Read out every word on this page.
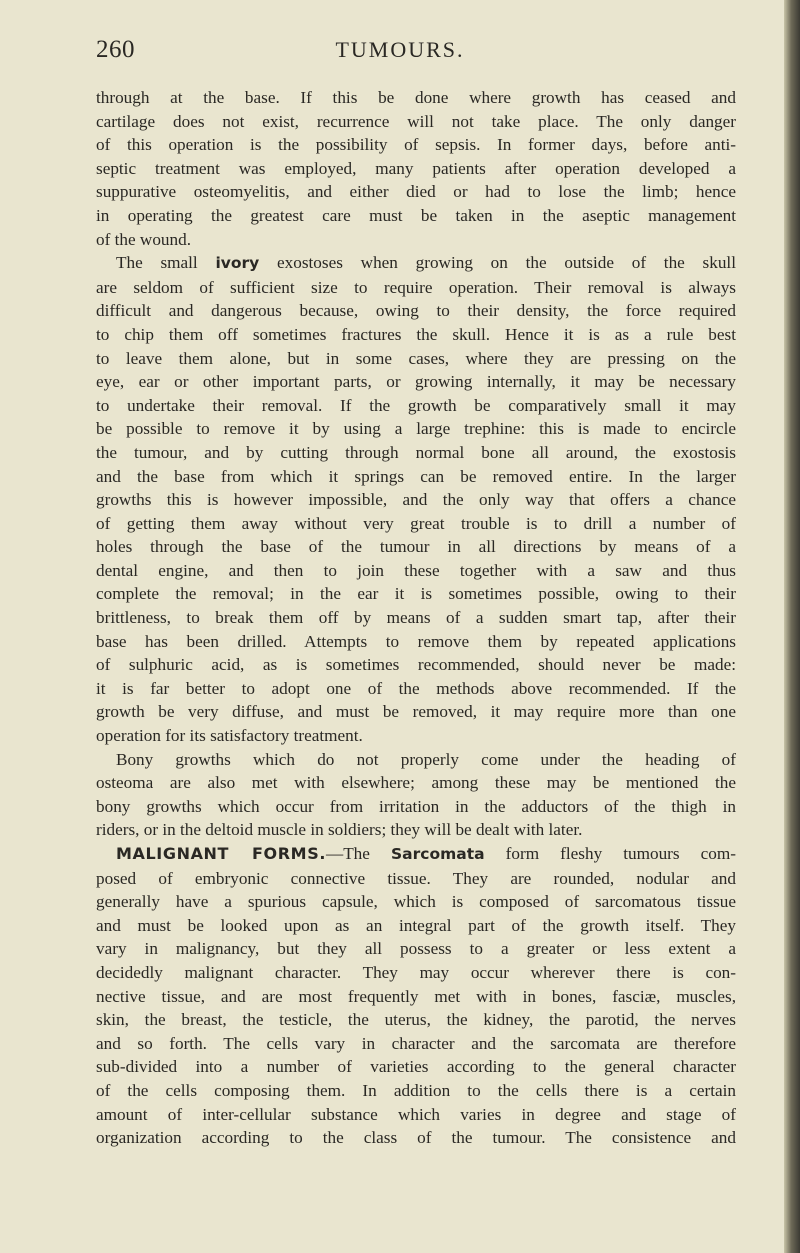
260	TUMOURS.
through at the base. If this be done where growth has ceased and
cartilage does not exist, recurrence will not take place. The only danger
of this operation is the possibility of sepsis. In former days, before anti-
septic treatment was employed, many patients after operation developed a
suppurative osteomyelitis, and either died or had to lose the limb; hence
in operating the greatest care must be taken in the aseptic management
of the wound.
The small ivory exostoses when growing on the outside of the skull
are seldom of sufficient size to require operation. Their removal is always
difficult and dangerous because, owing to their density, the force required
to chip them off sometimes fractures the skull. Hence it is as a rule best
to leave them alone, but in some cases, where they are pressing on the
eye, ear or other important parts, or growing internally, it may be necessary
to undertake their removal. If the growth be comparatively small it may
be possible to remove it by using a large trephine: this is made to encircle
the tumour, and by cutting through normal bone all around, the exostosis
and the base from which it springs can be removed entire. In the larger
growths this is however impossible, and the only way that offers a chance
of getting them away without very great trouble is to drill a number of
holes through the base of the tumour in all directions by means of a
dental engine, and then to join these together with a saw and thus
complete the removal; in the ear it is sometimes possible, owing to their
brittleness, to break them off by means of a sudden smart tap, after their
base has been drilled. Attempts to remove them by repeated applications
of sulphuric acid, as is sometimes recommended, should never be made:
it is far better to adopt one of the methods above recommended. If the
growth be very diffuse, and must be removed, it may require more than one
operation for its satisfactory treatment.
Bony growths which do not properly come under the heading of
osteoma are also met with elsewhere; among these may be mentioned the
bony growths which occur from irritation in the adductors of the thigh in
riders, or in the deltoid muscle in soldiers; they will be dealt with later.
MALIGNANT FORMS.—The Sarcomata form fleshy tumours com-
posed of embryonic connective tissue. They are rounded, nodular and
generally have a spurious capsule, which is composed of sarcomatous tissue
and must be looked upon as an integral part of the growth itself. They
vary in malignancy, but they all possess to a greater or less extent a
decidedly malignant character. They may occur wherever there is con-
nective tissue, and are most frequently met with in bones, fasciæ, muscles,
skin, the breast, the testicle, the uterus, the kidney, the parotid, the nerves
and so forth. The cells vary in character and the sarcomata are therefore
sub-divided into a number of varieties according to the general character
of the cells composing them. In addition to the cells there is a certain
amount of inter-cellular substance which varies in degree and stage of
organization according to the class of the tumour. The consistence and
